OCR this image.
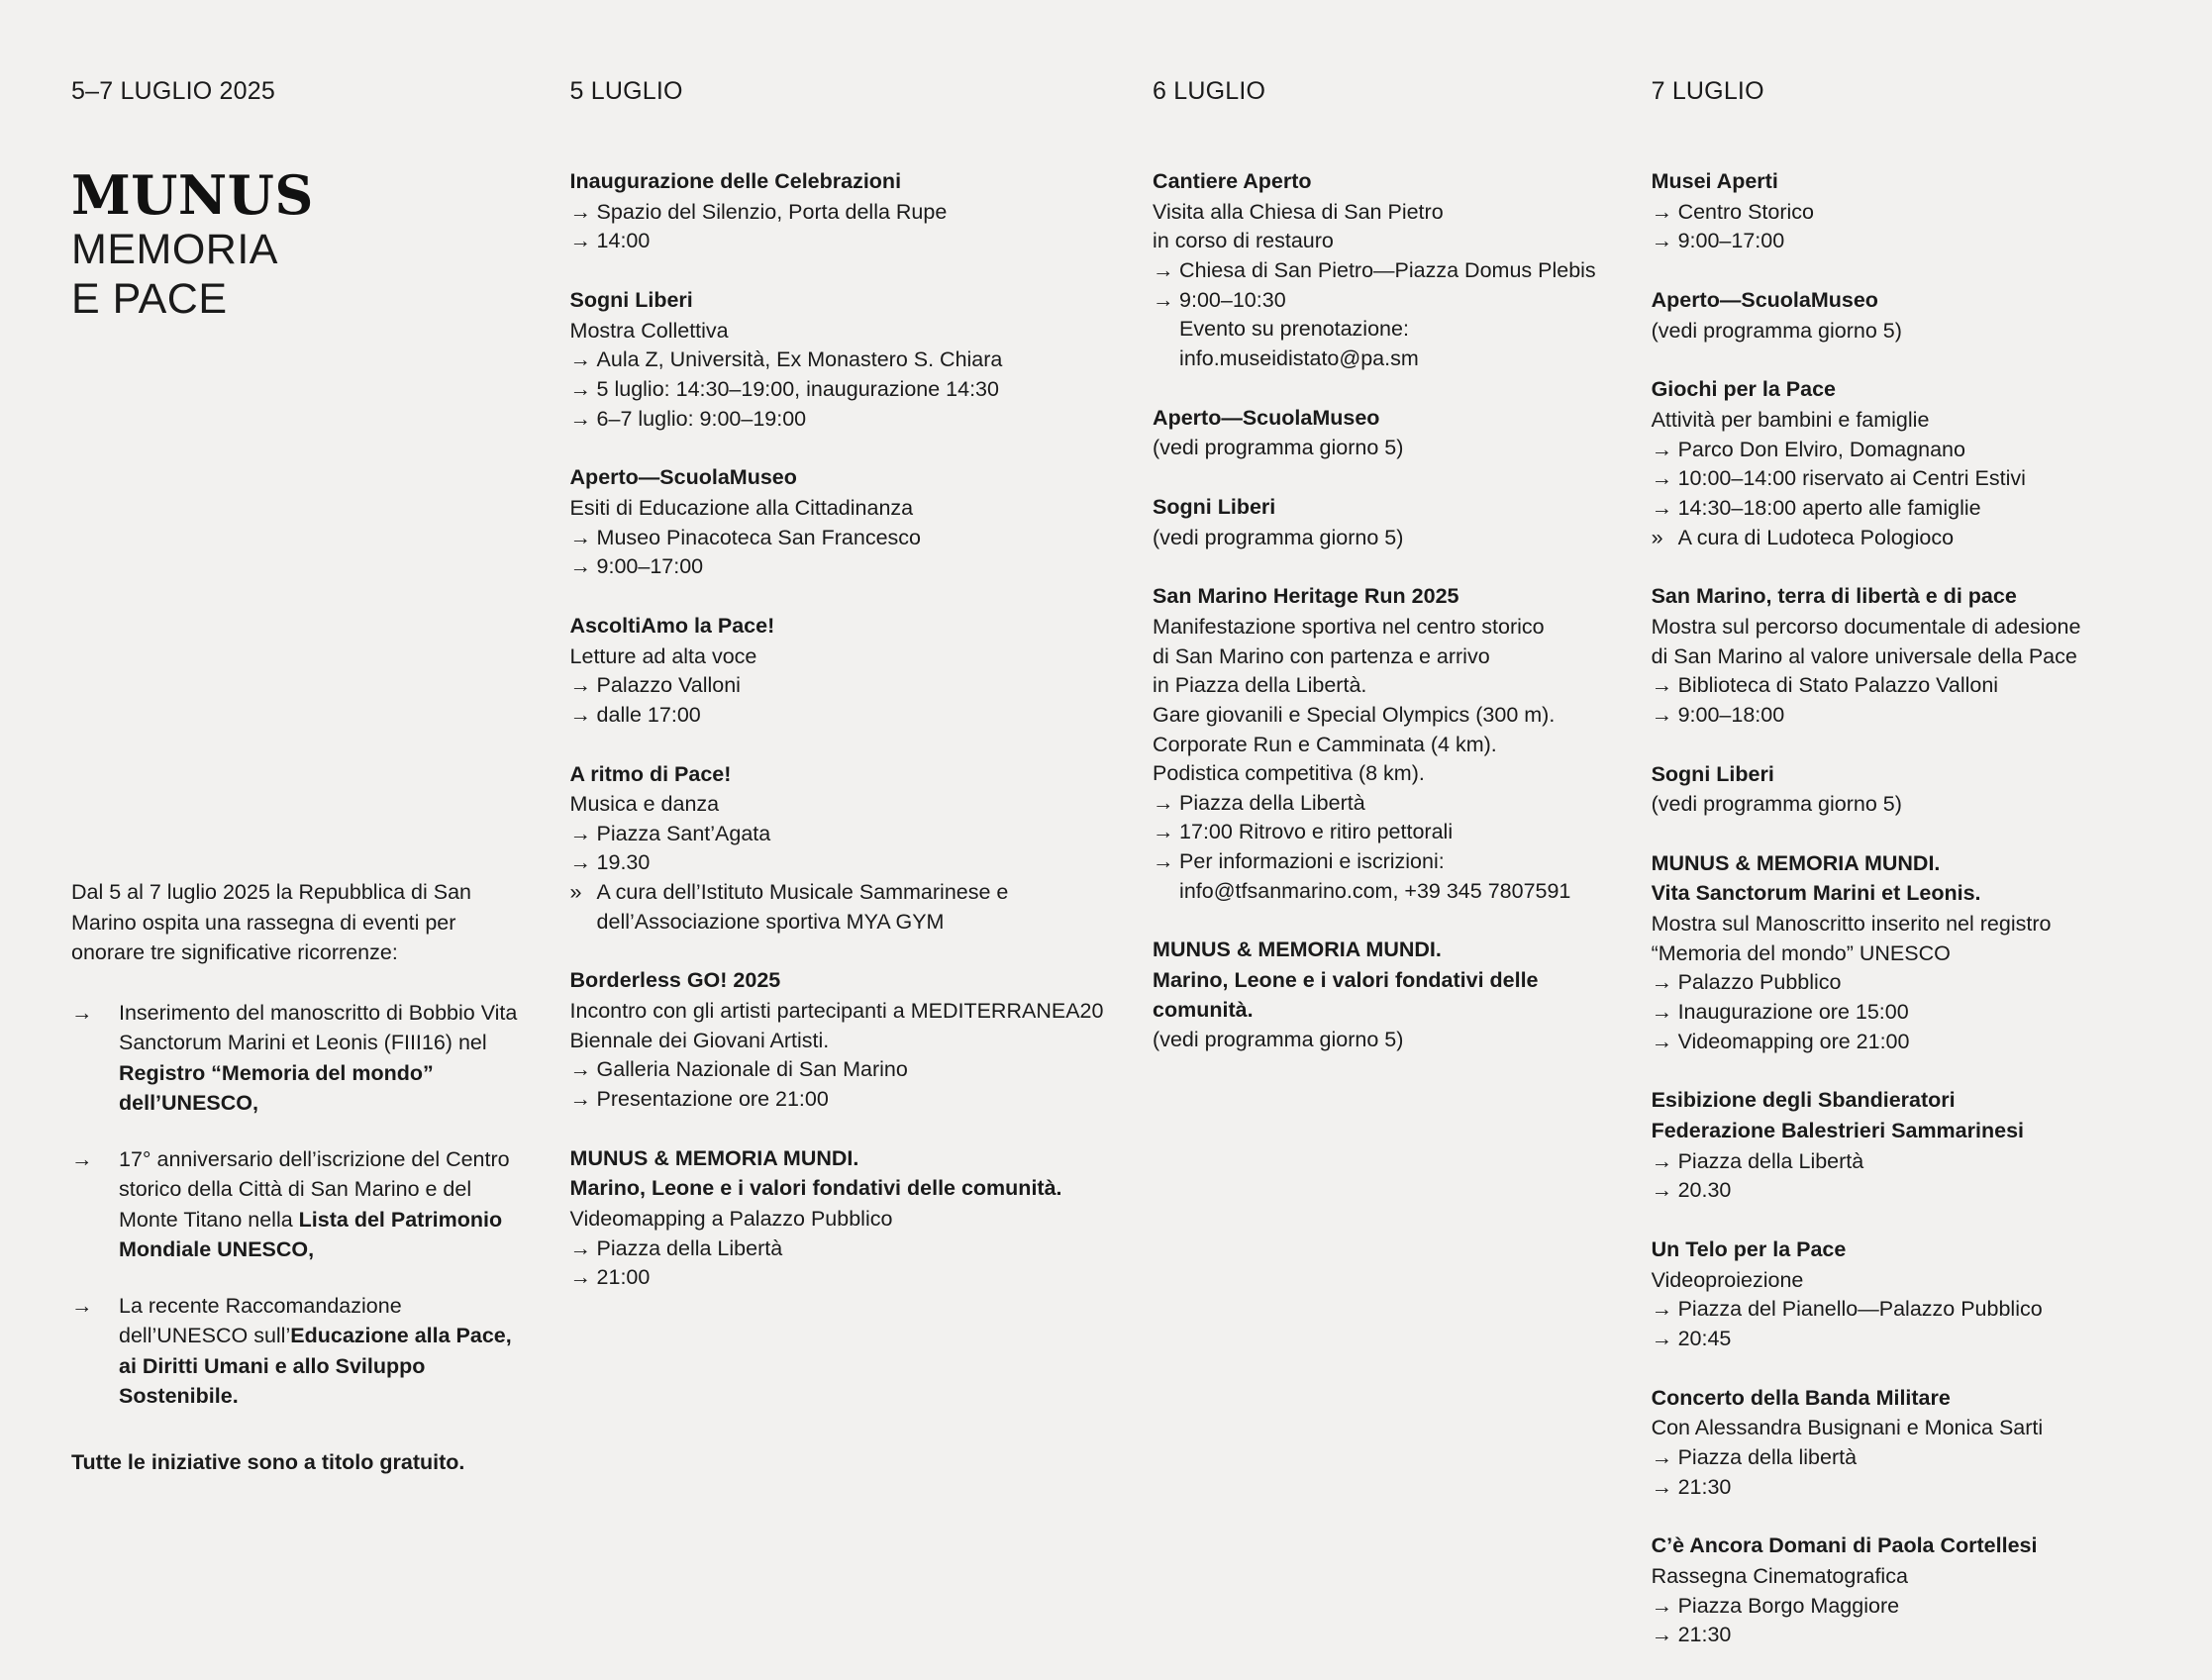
5–7 LUGLIO 2025
MUNUS
MEMORIA
E PACE

Dal 5 al 7 luglio 2025 la Repubblica di San Marino ospita una rassegna di eventi per onorare tre significative ricorrenze:

→	Inserimento del manoscritto di Bobbio Vita Sanctorum Marini et Leonis (FIII16) nel Registro “Memoria del mondo” dell’UNESCO,
→	17° anniversario dell’iscrizione del Centro storico della Città di San Marino e del Monte Titano nella Lista del Patrimonio Mondiale UNESCO,
→	La recente Raccomandazione dell’UNESCO sull’Educazione alla Pace, ai Diritti Umani e allo Sviluppo Sostenibile.
Tutte le iniziative sono a titolo gratuito.
5 LUGLIO
Inaugurazione delle Celebrazioni
→ Spazio del Silenzio, Porta della Rupe
→ 14:00
Sogni Liberi
Mostra Collettiva
→ Aula Z, Università, Ex Monastero S. Chiara
→ 5 luglio: 14:30–19:00, inaugurazione 14:30
→ 6–7 luglio: 9:00–19:00
Aperto—ScuolaMuseo
Esiti di Educazione alla Cittadinanza
→ Museo Pinacoteca San Francesco
→ 9:00–17:00
AscoltiAmo la Pace!
Letture ad alta voce
→ Palazzo Valloni
→ dalle 17:00
A ritmo di Pace!
Musica e danza
→ Piazza Sant’Agata
→ 19.30
» A cura dell’Istituto Musicale Sammarinese e dell’Associazione sportiva MYA GYM
Borderless GO! 2025
Incontro con gli artisti partecipanti a MEDITERRANEA20
Biennale dei Giovani Artisti.
→ Galleria Nazionale di San Marino
→ Presentazione ore 21:00
MUNUS & MEMORIA MUNDI.
Marino, Leone e i valori fondativi delle comunità.
Videomapping a Palazzo Pubblico
→ Piazza della Libertà
→ 21:00
6 LUGLIO
Cantiere Aperto
Visita alla Chiesa di San Pietro
in corso di restauro
→ Chiesa di San Pietro—Piazza Domus Plebis
→ 9:00–10:30
Evento su prenotazione:
info.museidistato@pa.sm
Aperto—ScuolaMuseo
(vedi programma giorno 5)
Sogni Liberi
(vedi programma giorno 5)
San Marino Heritage Run 2025
Manifestazione sportiva nel centro storico
di San Marino con partenza e arrivo
in Piazza della Libertà.
Gare giovanili e Special Olympics (300 m).
Corporate Run e Camminata (4 km).
Podistica competitiva (8 km).
→ Piazza della Libertà
→ 17:00 Ritrovo e ritiro pettorali
→ Per informazioni e iscrizioni:
info@tfsanmarino.com, +39 345 7807591
MUNUS & MEMORIA MUNDI.
Marino, Leone e i valori fondativi delle comunità.
(vedi programma giorno 5)
7 LUGLIO
Musei Aperti
→ Centro Storico
→ 9:00–17:00
Aperto—ScuolaMuseo
(vedi programma giorno 5)
Giochi per la Pace
Attività per bambini e famiglie
→ Parco Don Elviro, Domagnano
→ 10:00–14:00 riservato ai Centri Estivi
→ 14:30–18:00 aperto alle famiglie
» A cura di Ludoteca Pologioco
San Marino, terra di libertà e di pace
Mostra sul percorso documentale di adesione
di San Marino al valore universale della Pace
→ Biblioteca di Stato Palazzo Valloni
→ 9:00–18:00
Sogni Liberi
(vedi programma giorno 5)
MUNUS & MEMORIA MUNDI.
Vita Sanctorum Marini et Leonis.
Mostra sul Manoscritto inserito nel registro
“Memoria del mondo” UNESCO
→ Palazzo Pubblico
→ Inaugurazione ore 15:00
→ Videomapping ore 21:00
Esibizione degli Sbandieratori
Federazione Balestrieri Sammarinesi
→ Piazza della Libertà
→ 20.30
Un Telo per la Pace
Videoproiezione
→ Piazza del Pianello—Palazzo Pubblico
→ 20:45
Concerto della Banda Militare
Con Alessandra Busignani e Monica Sarti
→ Piazza della libertà
→ 21:30
C’è Ancora Domani di Paola Cortellesi
Rassegna Cinematografica
→ Piazza Borgo Maggiore
→ 21:30
